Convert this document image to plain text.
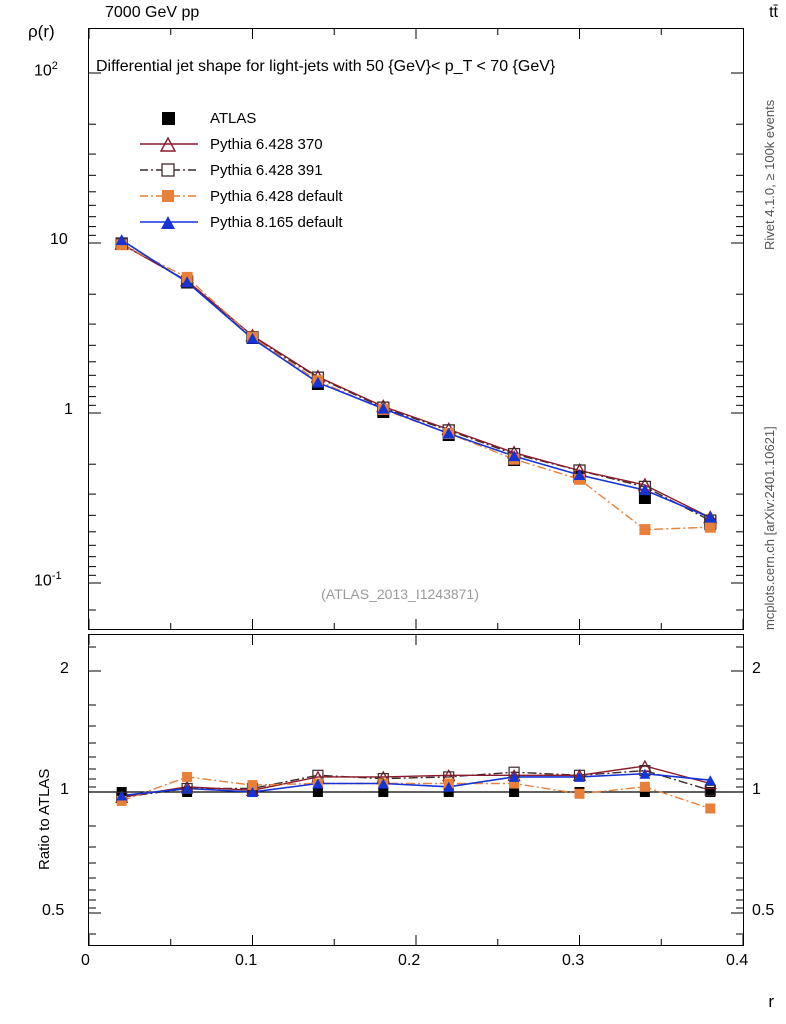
7000 GeV pp	tt̄
ρ(r)
$10^2$
10
1
$10^{-1}$
Differential jet shape for light-jets with 50 {GeV}< p_T < 70 {GeV}
ATLAS
Pythia 6.428 370
Pythia 6.428 391
Pythia 6.428 default
Pythia 8.165 default
(ATLAS_2013_I1243871)
Rivet 4.1.0, ≥ 100k events
mcplots.cern.ch [arXiv:2401.10621]
2
1
0.5
2
1
0.5
Ratio to ATLAS
0	0.1	0.2	0.3	0.4
r
